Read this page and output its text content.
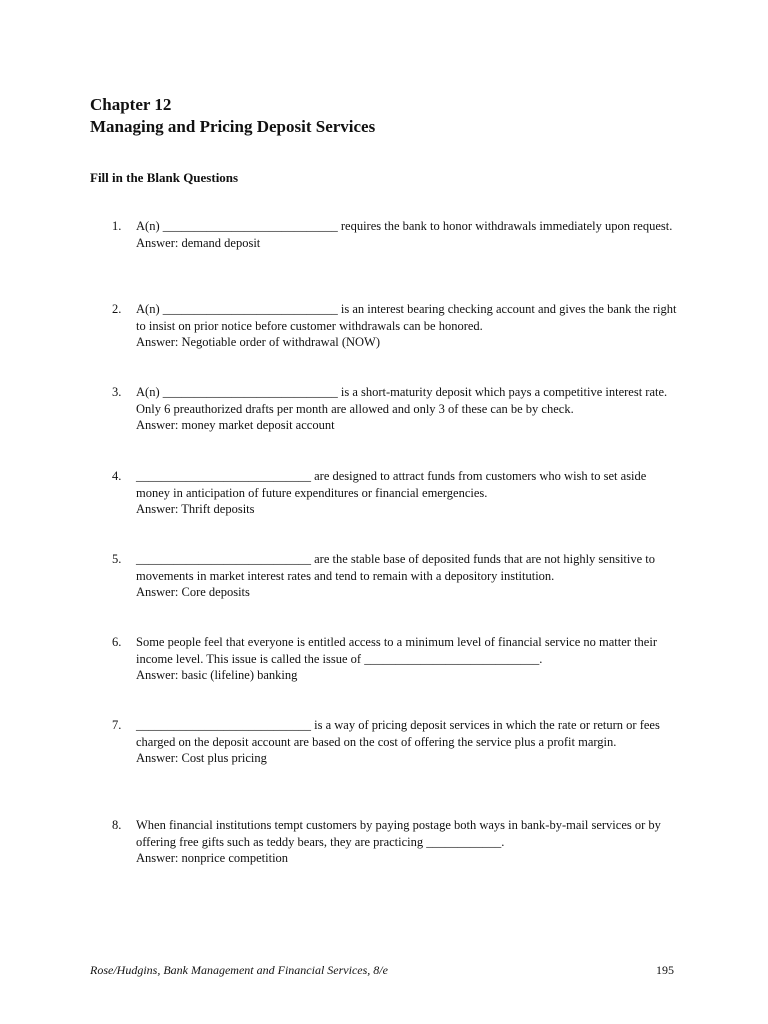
Chapter 12
Managing and Pricing Deposit Services
Fill in the Blank Questions
1.	A(n) ____________________________ requires the bank to honor withdrawals immediately upon request.
Answer: demand deposit
2.	A(n) ____________________________ is an interest bearing checking account and gives the bank the right to insist on prior notice before customer withdrawals can be honored.
Answer: Negotiable order of withdrawal (NOW)
3.	A(n) ____________________________ is a short-maturity deposit which pays a competitive interest rate. Only 6 preauthorized drafts per month are allowed and only 3 of these can be by check.
Answer: money market deposit account
4.	____________________________ are designed to attract funds from customers who wish to set aside money in anticipation of future expenditures or financial emergencies.
Answer: Thrift deposits
5.	____________________________ are the stable base of deposited funds that are not highly sensitive to movements in market interest rates and tend to remain with a depository institution.
Answer: Core deposits
6.	Some people feel that everyone is entitled access to a minimum level of financial service no matter their income level. This issue is called the issue of ____________________________.
Answer: basic (lifeline) banking
7.	____________________________ is a way of pricing deposit services in which the rate or return or fees charged on the deposit account are based on the cost of offering the service plus a profit margin.
Answer: Cost plus pricing
8.	When financial institutions tempt customers by paying postage both ways in bank-by-mail services or by offering free gifts such as teddy bears, they are practicing ____________.
Answer: nonprice competition
Rose/Hudgins, Bank Management and Financial Services, 8/e	195
